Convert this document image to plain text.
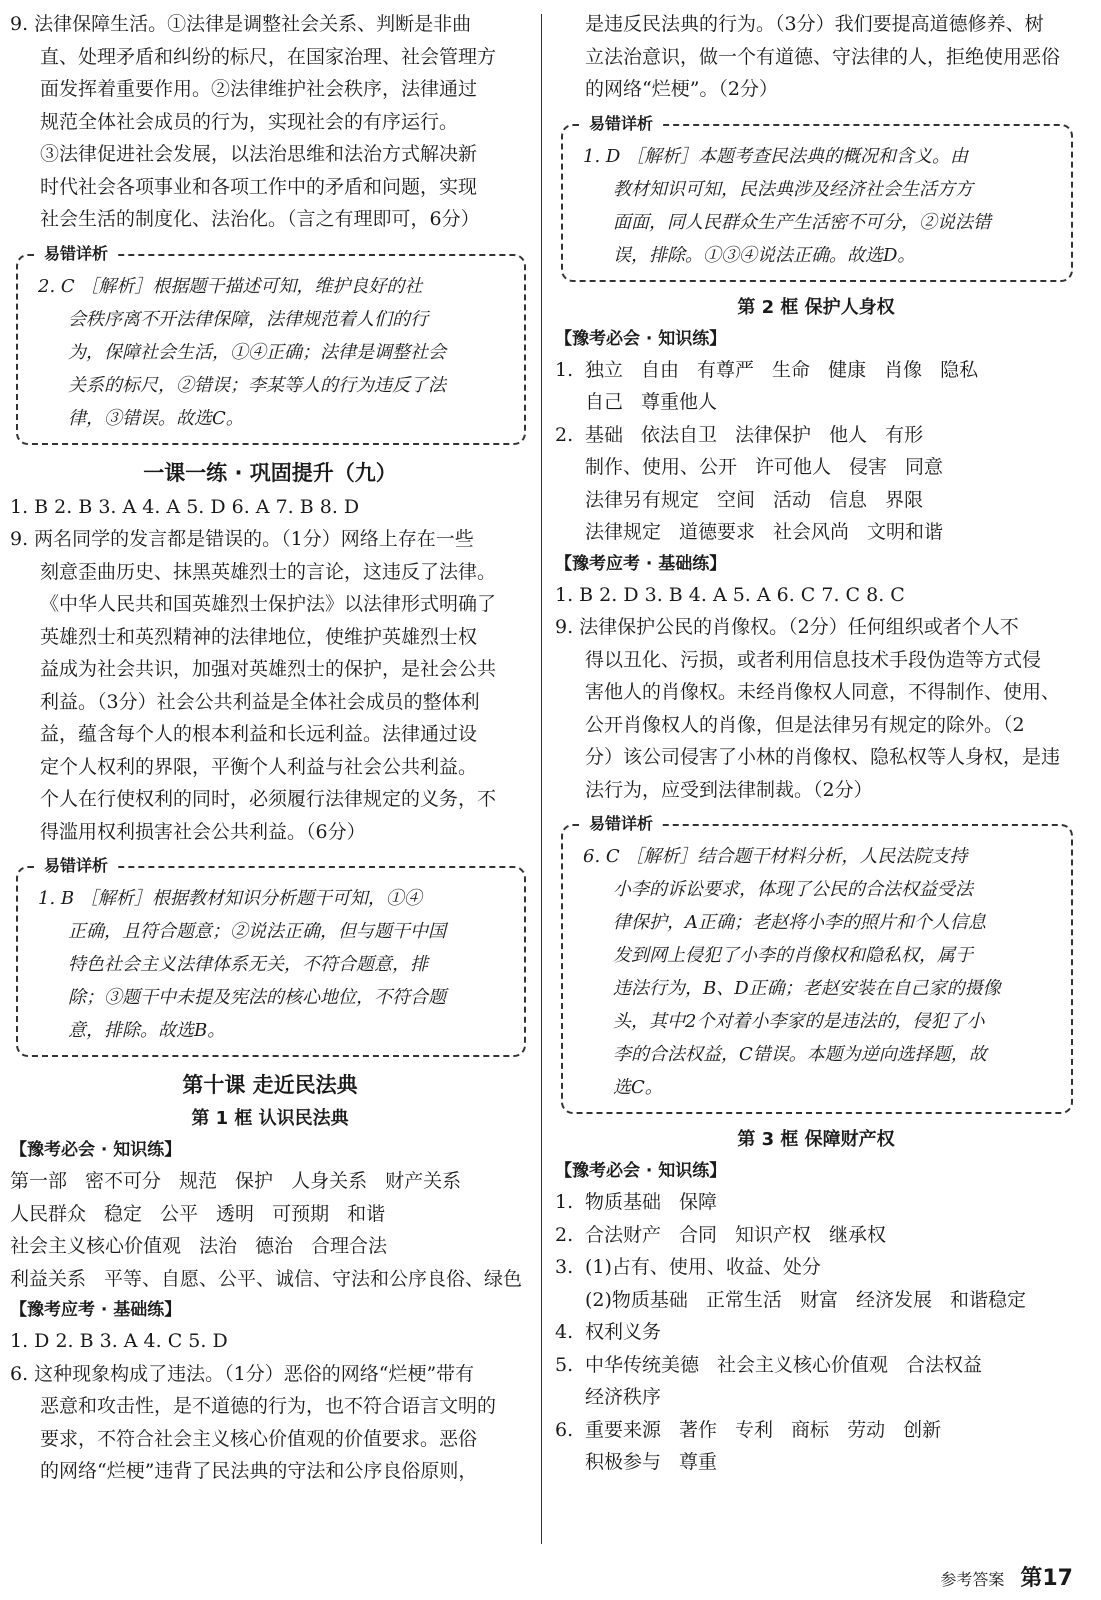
9. 法律保障生活。①法律是调整社会关系、判断是非曲
直、处理矛盾和纠纷的标尺，在国家治理、社会管理方
面发挥着重要作用。②法律维护社会秩序，法律通过
规范全体社会成员的行为，实现社会的有序运行。
③法律促进社会发展，以法治思维和法治方式解决新
时代社会各项事业和各项工作中的矛盾和问题，实现
社会生活的制度化、法治化。（言之有理即可，6分）
易错详析
2. C ［解析］根据题干描述可知，维护良好的社
会秩序离不开法律保障，法律规范着人们的行
为，保障社会生活，①④正确；法律是调整社会
关系的标尺，②错误；李某等人的行为违反了法
律，③错误。故选C。
一课一练 · 巩固提升（九）
1. B 2. B 3. A 4. A 5. D 6. A 7. B 8. D
9. 两名同学的发言都是错误的。（1分）网络上存在一些
刻意歪曲历史、抹黑英雄烈士的言论，这违反了法律。
《中华人民共和国英雄烈士保护法》以法律形式明确了
英雄烈士和英烈精神的法律地位，使维护英雄烈士权
益成为社会共识，加强对英雄烈士的保护，是社会公共
利益。（3分）社会公共利益是全体社会成员的整体利
益，蕴含每个人的根本利益和长远利益。法律通过设
定个人权利的界限，平衡个人利益与社会公共利益。
个人在行使权利的同时，必须履行法律规定的义务，不
得滥用权利损害社会公共利益。（6分）
易错详析
1. B ［解析］根据教材知识分析题干可知，①④
正确，且符合题意；②说法正确，但与题干中国
特色社会主义法律体系无关，不符合题意，排
除；③题干中未提及宪法的核心地位，不符合题
意，排除。故选B。
第十课 走近民法典
第 1 框 认识民法典
【豫考必会 · 知识练】
第一部 密不可分 规范 保护 人身关系 财产关系
人民群众 稳定 公平 透明 可预期 和谐
社会主义核心价值观 法治 德治 合理合法
利益关系 平等、自愿、公平、诚信、守法和公序良俗、绿色
【豫考应考 · 基础练】
1. D 2. B 3. A 4. C 5. D
6. 这种现象构成了违法。（1分）恶俗的网络“烂梗”带有
恶意和攻击性，是不道德的行为，也不符合语言文明的
要求，不符合社会主义核心价值观的价值要求。恶俗
的网络“烂梗”违背了民法典的守法和公序良俗原则，
是违反民法典的行为。（3分）我们要提高道德修养、树
立法治意识，做一个有道德、守法律的人，拒绝使用恶俗
的网络“烂梗”。（2分）
易错详析
1. D ［解析］本题考查民法典的概况和含义。由
教材知识可知，民法典涉及经济社会生活方方
面面，同人民群众生产生活密不可分，②说法错
误，排除。①③④说法正确。故选D。
第 2 框 保护人身权
【豫考必会 · 知识练】
1. 独立 自由 有尊严 生命 健康 肖像 隐私
自己 尊重他人
2. 基础 依法自卫 法律保护 他人 有形
制作、使用、公开 许可他人 侵害 同意
法律另有规定 空间 活动 信息 界限
法律规定 道德要求 社会风尚 文明和谐
【豫考应考 · 基础练】
1. B 2. D 3. B 4. A 5. A 6. C 7. C 8. C
9. 法律保护公民的肖像权。（2分）任何组织或者个人不
得以丑化、污损，或者利用信息技术手段伪造等方式侵
害他人的肖像权。未经肖像权人同意，不得制作、使用、
公开肖像权人的肖像，但是法律另有规定的除外。（2
分）该公司侵害了小林的肖像权、隐私权等人身权，是违
法行为，应受到法律制裁。（2分）
易错详析
6. C ［解析］结合题干材料分析，人民法院支持
小李的诉讼要求，体现了公民的合法权益受法
律保护，A正确；老赵将小李的照片和个人信息
发到网上侵犯了小李的肖像权和隐私权，属于
违法行为，B、D正确；老赵安装在自己家的摄像
头，其中2个对着小李家的是违法的，侵犯了小
李的合法权益，C错误。本题为逆向选择题，故
选C。
第 3 框 保障财产权
【豫考必会 · 知识练】
1. 物质基础 保障
2. 合法财产 合同 知识产权 继承权
3. (1)占有、使用、收益、处分
(2)物质基础 正常生活 财富 经济发展 和谐稳定
4. 权利义务
5. 中华传统美德 社会主义核心价值观 合法权益
经济秩序
6. 重要来源 著作 专利 商标 劳动 创新
积极参与 尊重
参考答案 第17
